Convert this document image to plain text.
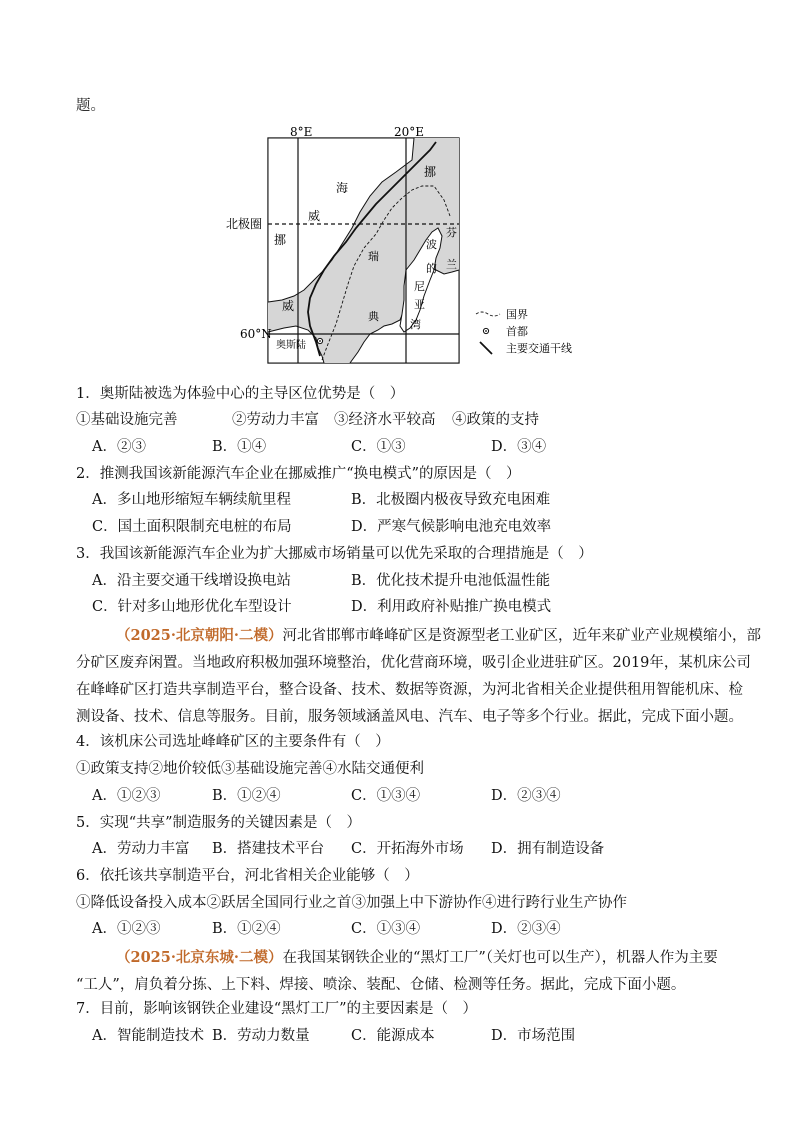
题。
8°E	20°E
北极圈
60°N
奥斯陆
海
威
挪
挪
威
瑞
典
波
的
尼
亚
湾
芬
兰
国界
首都
主要交通干线
1．奥斯陆被选为体验中心的主导区位优势是（　）
①基础设施完善	②劳动力丰富 ③经济水平较高 ④政策的支持
A．②③	B．①④	C．①③	D．③④
2．推测我国该新能源汽车企业在挪威推广“换电模式”的原因是（　）
A．多山地形缩短车辆续航里程	B．北极圈内极夜导致充电困难
C．国土面积限制充电桩的布局	D．严寒气候影响电池充电效率
3．我国该新能源汽车企业为扩大挪威市场销量可以优先采取的合理措施是（　）
A．沿主要交通干线增设换电站	B．优化技术提升电池低温性能
C．针对多山地形优化车型设计	D．利用政府补贴推广换电模式
（2025·北京朝阳·二模）河北省邯郸市峰峰矿区是资源型老工业矿区，近年来矿业产业规模缩小，部
分矿区废弃闲置。当地政府积极加强环境整治，优化营商环境，吸引企业进驻矿区。2019年，某机床公司
在峰峰矿区打造共享制造平台，整合设备、技术、数据等资源，为河北省相关企业提供租用智能机床、检
测设备、技术、信息等服务。目前，服务领域涵盖风电、汽车、电子等多个行业。据此，完成下面小题。
4．该机床公司选址峰峰矿区的主要条件有（　）
①政策支持②地价较低③基础设施完善④水陆交通便利
A．①②③	B．①②④	C．①③④	D．②③④
5．实现“共享”制造服务的关键因素是（　）
A．劳动力丰富 B．搭建技术平台 C．开拓海外市场 D．拥有制造设备
6．依托该共享制造平台，河北省相关企业能够（　）
①降低设备投入成本②跃居全国同行业之首③加强上中下游协作④进行跨行业生产协作
A．①②③	B．①②④	C．①③④	D．②③④
（2025·北京东城·二模）在我国某钢铁企业的“黑灯工厂”（关灯也可以生产），机器人作为主要
“工人”，肩负着分拣、上下料、焊接、喷涂、装配、仓储、检测等任务。据此，完成下面小题。
7．目前，影响该钢铁企业建设“黑灯工厂”的主要因素是（　）
A．智能制造技术 B．劳动力数量	C．能源成本	D．市场范围
